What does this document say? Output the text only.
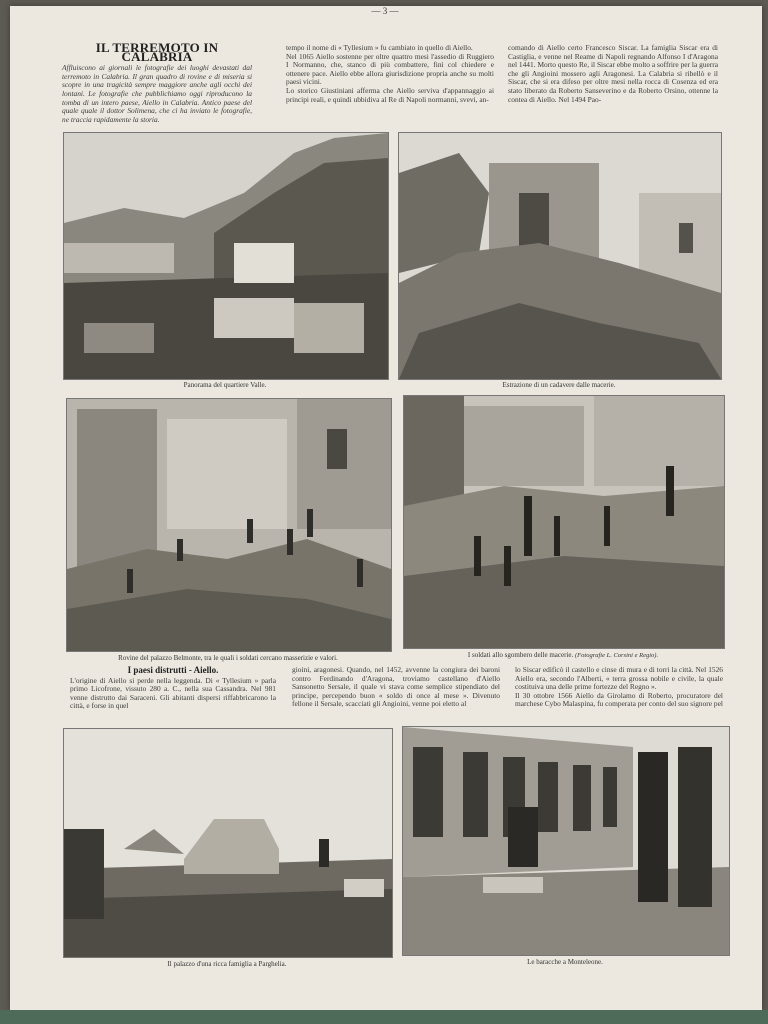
— 3 —
IL TERREMOTO IN CALABRIA

Affluiscono ai giornali le fotografie dei luoghi devastati dal terremoto in Calabria. Il gran quadro di rovine e di miseria si scopre in una tragicità sempre maggiore anche agli occhi dei lontani. Le fotografie che pubblichiamo oggi riproducono la tomba di un intero paese, Aiello in Calabria. Antico paese del quale quale il dottor Solimena, che ci ha inviato le fotografie, ne traccia rapidamente la storia.

tempo il nome di « Tyllesium » fu cambiato in quello di Aiello.
Nel 1065 Aiello sostenne per oltre quattro mesi l'assedio di Ruggiero I Normanno, che, stanco di più combattere, finì col chiedere e ottenere pace. Aiello ebbe allora giurisdizione propria anche su molti paesi vicini.
Lo storico Giustiniani afferma che Aiello serviva d'appannaggio ai principi reali, e quindi ubbidiva al Re di Napoli normanni, svevi, an-
comando di Aiello certo Francesco Siscar. La famiglia Siscar era di Castiglia, e venne nel Reame di Napoli regnando Alfonso I d'Aragona nel 1441. Morto questo Re, il Siscar ebbe molto a soffrire per la guerra che gli Angioini mossero agli Aragonesi. La Calabria si ribellò e il Siscar, che si era difeso per oltre mesi nella rocca di Cosenza ed era stato liberato da Roberto Sanseverino e da Roberto Orsino, ottenne la contea di Aiello. Nel 1494 Pao-
Panorama del quartiere Valle.	Estrazione di un cadavere dalle macerie.
Rovine del palazzo Belmonte, tra le quali i soldati cercano masserizie e valori.	I soldati allo sgombero delle macerie. (Fotografie L. Corsini e Regio).
I paesi distrutti - Aiello.

L'origine di Aiello si perde nella leggenda. Di « Tyllesium » parla primo Licofrone, vissuto 280 a. C., nella sua Cassandra. Nel 981 venne distrutto dai Saraceni. Gli abitanti dispersi riffabbricarono la città, e forse in quel

gioini, aragonesi. Quando, nel 1452, avvenne la congiura dei baroni contro Ferdinando d'Aragona, troviamo castellano d'Aiello Sansonetto Sersale, il quale vi stava come semplice stipendiato del principe, percependo buon « soldo di once al mese ». Divenuto fellone il Sersale, scacciati gli Angioini, venne poi eletto al
lo Siscar edificò il castello e cinse di mura e di torri la città. Nel 1526 Aiello era, secondo l'Alberti, « terra grossa nobile e civile, la quale costituiva una delle prime fortezze del Regno ».
Il 30 ottobre 1566 Aiello da Girolamo di Roberto, procuratore del marchese Cybo Malaspina, fu comperata per conto del suo signore pel
Il palazzo d'una ricca famiglia a Parghelia.	Le baracche a Monteleone.
